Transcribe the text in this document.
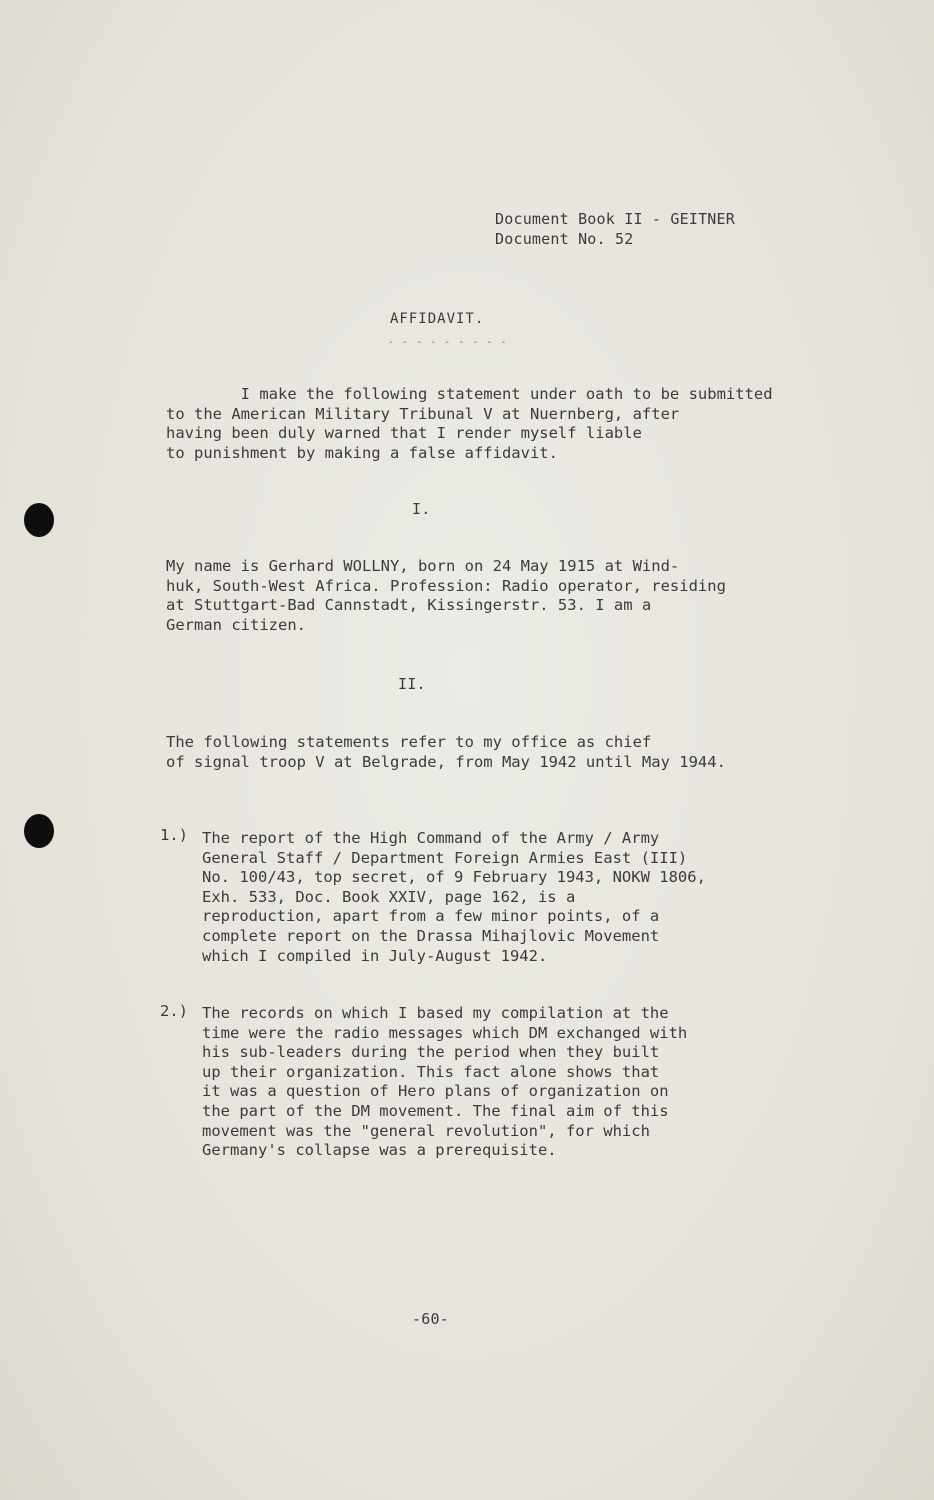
Document Book II - GEITNER
Document No. 52
AFFIDAVIT.
- - - - - - - - -
I make the following statement under oath to be submitted
to the American Military Tribunal V at Nuernberg, after
having been duly warned that I render myself liable
to punishment by making a false affidavit.
I.
My name is Gerhard WOLLNY, born on 24 May 1915 at Wind-
huk, South-West Africa. Profession: Radio operator, residing
at Stuttgart-Bad Cannstadt, Kissingerstr. 53. I am a
German citizen.
II.
The following statements refer to my office as chief
of signal troop V at Belgrade, from May 1942 until May 1944.
1.) The report of the High Command of the Army / Army
General Staff / Department Foreign Armies East (III)
No. 100/43, top secret, of 9 February 1943, NOKW 1806,
Exh. 533, Doc. Book XXIV, page 162, is a
reproduction, apart from a few minor points, of a
complete report on the Drassa Mihajlovic Movement
which I compiled in July-August 1942.
2.) The records on which I based my compilation at the
time were the radio messages which DM exchanged with
his sub-leaders during the period when they built
up their organization. This fact alone shows that
it was a question of Hero plans of organization on
the part of the DM movement. The final aim of this
movement was the "general revolution", for which
Germany's collapse was a prerequisite.
-60-
